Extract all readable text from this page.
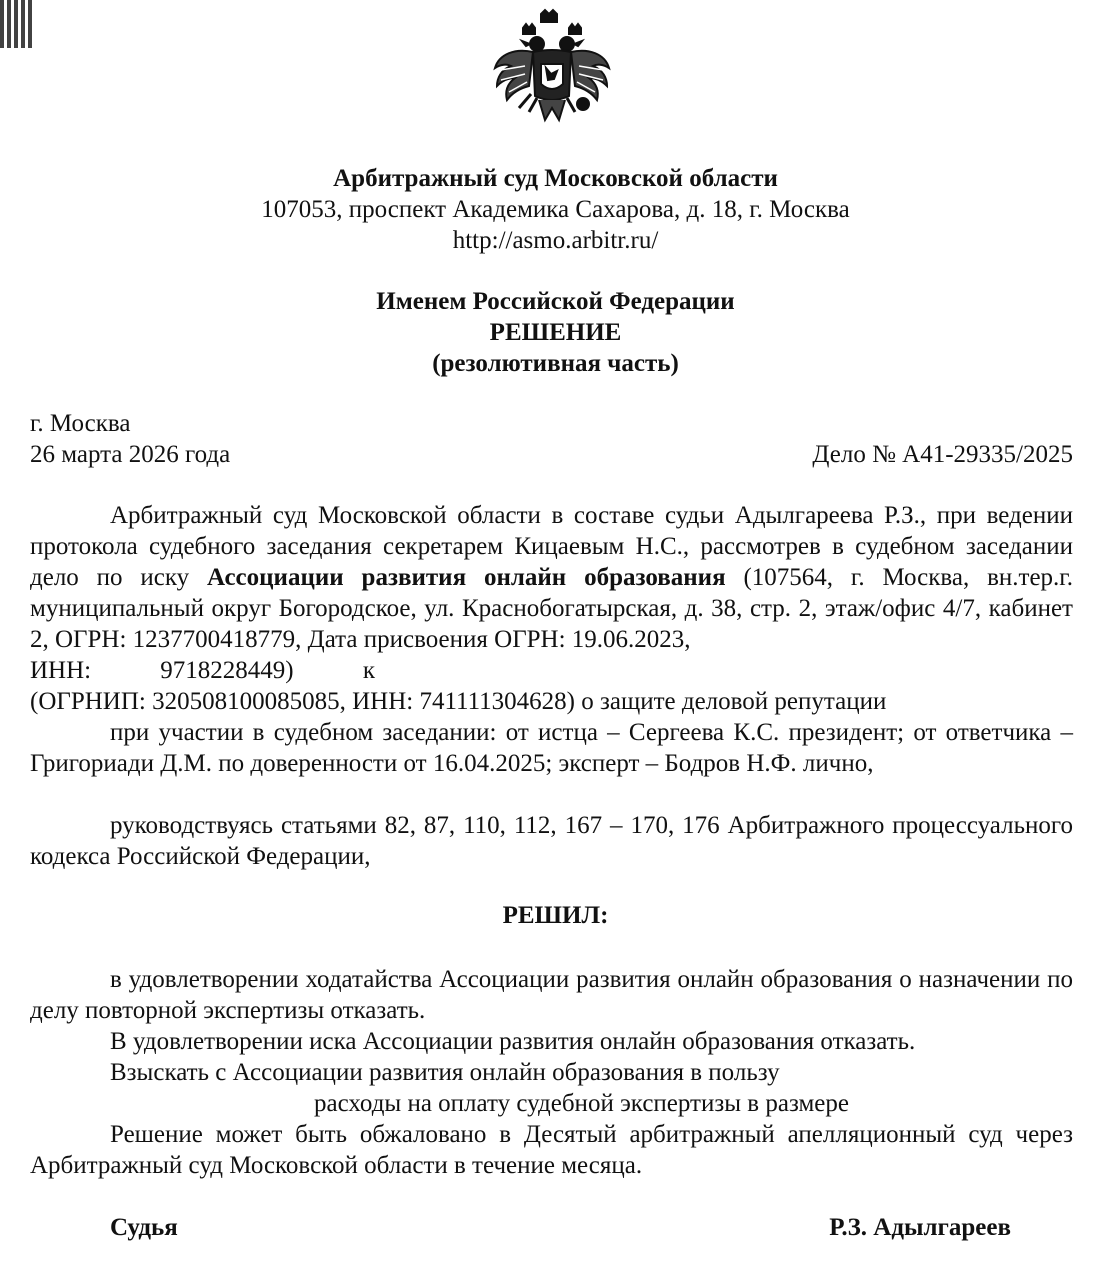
Арбитражный суд Московской области
107053, проспект Академика Сахарова, д. 18, г. Москва
http://asmo.arbitr.ru/
Именем Российской Федерации
РЕШЕНИЕ
(резолютивная часть)
г. Москва
26 марта 2026 года	Дело № А41-29335/2025

Арбитражный суд Московской области в составе судьи Адылгареева Р.З., при ведении протокола судебного заседания секретарем Кицаевым Н.С., рассмотрев в судебном заседании дело по иску Ассоциации развития онлайн образования (107564, г. Москва, вн.тер.г. муниципальный округ Богородское, ул. Краснобогатырская, д. 38, стр. 2, этаж/офис 4/7, кабинет 2, ОГРН: 1237700418779, Дата присвоения ОГРН: 19.06.2023,

ИНН: 9718228449) к
(ОГРНИП: 320508100085085, ИНН: 741111304628) о защите деловой репутации

при участии в судебном заседании: от истца – Сергеева К.С. президент; от ответчика – Григориади Д.М. по доверенности от 16.04.2025; эксперт – Бодров Н.Ф. лично,

руководствуясь статьями 82, 87, 110, 112, 167 – 170, 176 Арбитражного процессуального кодекса Российской Федерации,

РЕШИЛ:

в удовлетворении ходатайства Ассоциации развития онлайн образования о назначении по делу повторной экспертизы отказать.

В удовлетворении иска Ассоциации развития онлайн образования отказать.

Взыскать с Ассоциации развития онлайн образования в пользу

расходы на оплату судебной экспертизы в размере

Решение может быть обжаловано в Десятый арбитражный апелляционный суд через Арбитражный суд Московской области в течение месяца.

Судья	Р.З. Адылгареев
